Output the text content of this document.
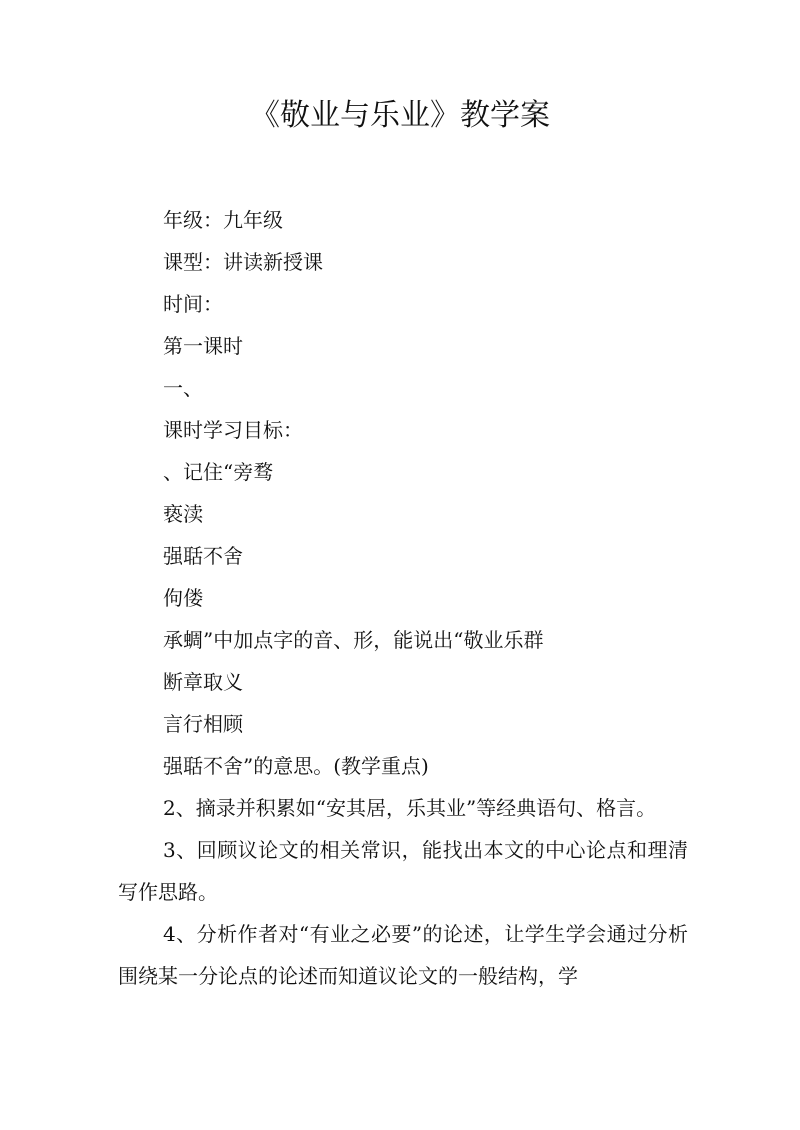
《敬业与乐业》教学案
年级：九年级
课型：讲读新授课
时间：
第一课时
一、
课时学习目标：
、记住“旁骛
亵渎
强聒不舍
佝偻
承蜩”中加点字的音、形，能说出“敬业乐群
断章取义
言行相顾
强聒不舍”的意思。(教学重点)
2、摘录并积累如“安其居，乐其业”等经典语句、格言。
3、回顾议论文的相关常识，能找出本文的中心论点和理清写作思路。
4、分析作者对“有业之必要”的论述，让学生学会通过分析围绕某一分论点的论述而知道议论文的一般结构，学
